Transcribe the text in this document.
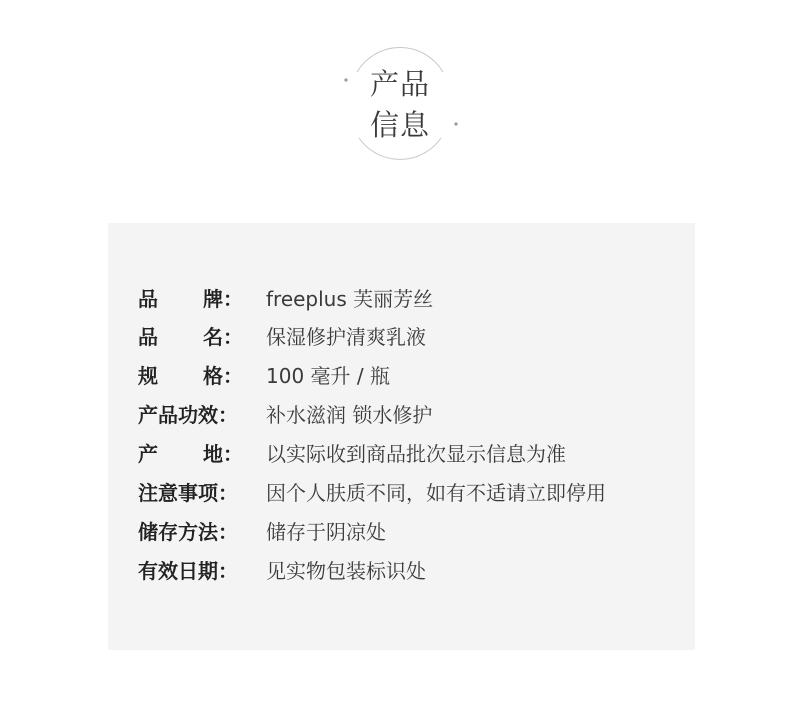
产品
信息
品 牌： freeplus 芙丽芳丝
品 名： 保湿修护清爽乳液
规 格： 100 毫升 / 瓶
产品功效： 补水滋润 锁水修护
产 地： 以实际收到商品批次显示信息为准
注意事项： 因个人肤质不同，如有不适请立即停用
储存方法： 储存于阴凉处
有效日期： 见实物包装标识处
